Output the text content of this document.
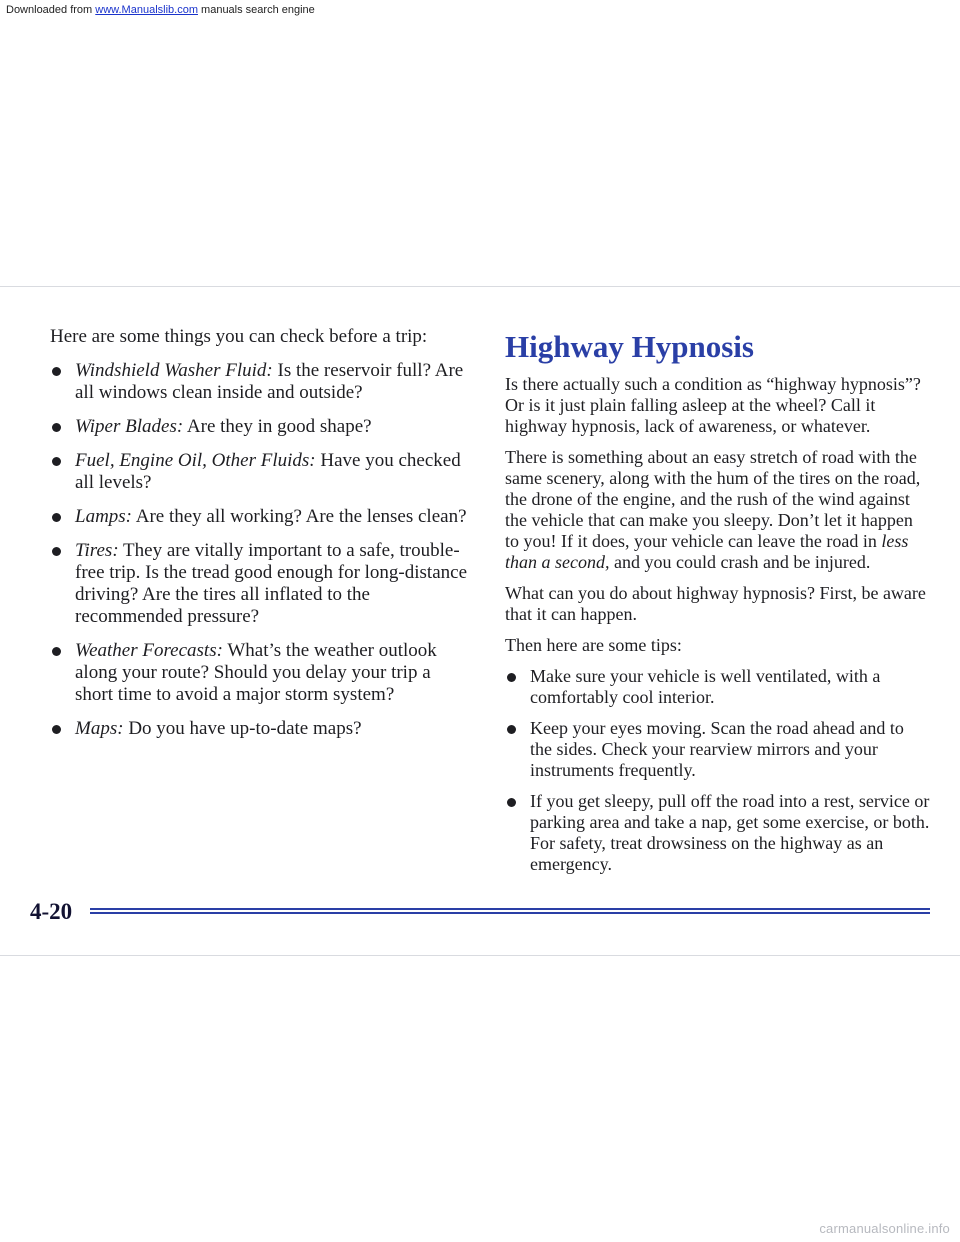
Downloaded from www.Manualslib.com manuals search engine

Here are some things you can check before a trip:

Windshield Washer Fluid: Is the reservoir full? Are all windows clean inside and outside?
Wiper Blades: Are they in good shape?
Fuel, Engine Oil, Other Fluids: Have you checked all levels?
Lamps: Are they all working? Are the lenses clean?
Tires: They are vitally important to a safe, trouble-free trip. Is the tread good enough for long-distance driving? Are the tires all inflated to the recommended pressure?
Weather Forecasts: What’s the weather outlook along your route? Should you delay your trip a short time to avoid a major storm system?
Maps: Do you have up-to-date maps?
Highway Hypnosis

Is there actually such a condition as “highway hypnosis”? Or is it just plain falling asleep at the wheel? Call it highway hypnosis, lack of awareness, or whatever.

There is something about an easy stretch of road with the same scenery, along with the hum of the tires on the road, the drone of the engine, and the rush of the wind against the vehicle that can make you sleepy. Don’t let it happen to you! If it does, your vehicle can leave the road in less than a second, and you could crash and be injured.

What can you do about highway hypnosis? First, be aware that it can happen.

Then here are some tips:

Make sure your vehicle is well ventilated, with a comfortably cool interior.
Keep your eyes moving. Scan the road ahead and to the sides. Check your rearview mirrors and your instruments frequently.
If you get sleepy, pull off the road into a rest, service or parking area and take a nap, get some exercise, or both. For safety, treat drowsiness on the highway as an emergency.
4-20
carmanualsonline.info
